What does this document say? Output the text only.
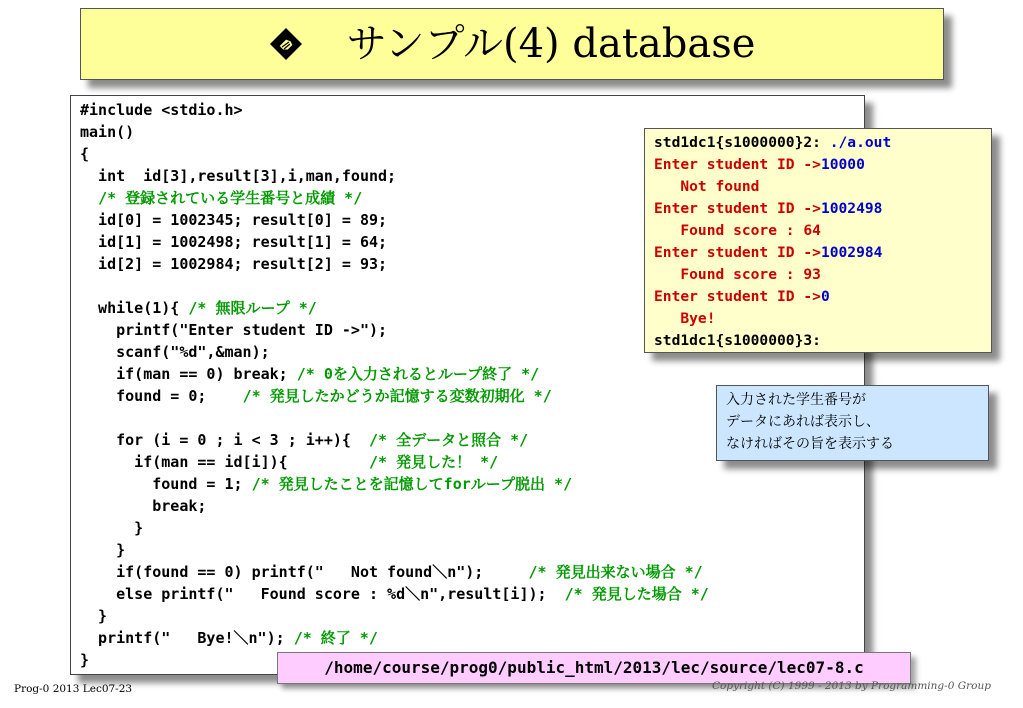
サンプル(4) database
#include <stdio.h>
main()
{
int  id[3],result[3],i,man,found;
/* 登録されている学生番号と成績 */
id[0] = 1002345; result[0] = 89;
id[1] = 1002498; result[1] = 64;
id[2] = 1002984; result[2] = 93;

while(1){ /* 無限ループ */
printf("Enter student ID ->");
scanf("%d",&man);
if(man == 0) break; /* 0を入力されるとループ終了 */
found = 0;    /* 発見したかどうか記憶する変数初期化 */

for (i = 0 ; i < 3 ; i++){  /* 全データと照合 */
if(man == id[i]){         /* 発見した！ */
found = 1; /* 発見したことを記憶してforループ脱出 */
break;
}
}
if(found == 0) printf("   Not found＼n");     /* 発見出来ない場合 */
else printf("   Found score : %d＼n",result[i]);  /* 発見した場合 */
}
printf("   Bye!＼n"); /* 終了 */
}
std1dc1{s1000000}2: ./a.out
Enter student ID ->10000
Not found
Enter student ID ->1002498
Found score : 64
Enter student ID ->1002984
Found score : 93
Enter student ID ->0
Bye!
std1dc1{s1000000}3:
入力された学生番号が
データにあれば表示し、
なければその旨を表示する
/home/course/prog0/public_html/2013/lec/source/lec07-8.c
Prog-0 2013 Lec07-23	Copyright (C) 1999 - 2013 by Programming-0 Group
